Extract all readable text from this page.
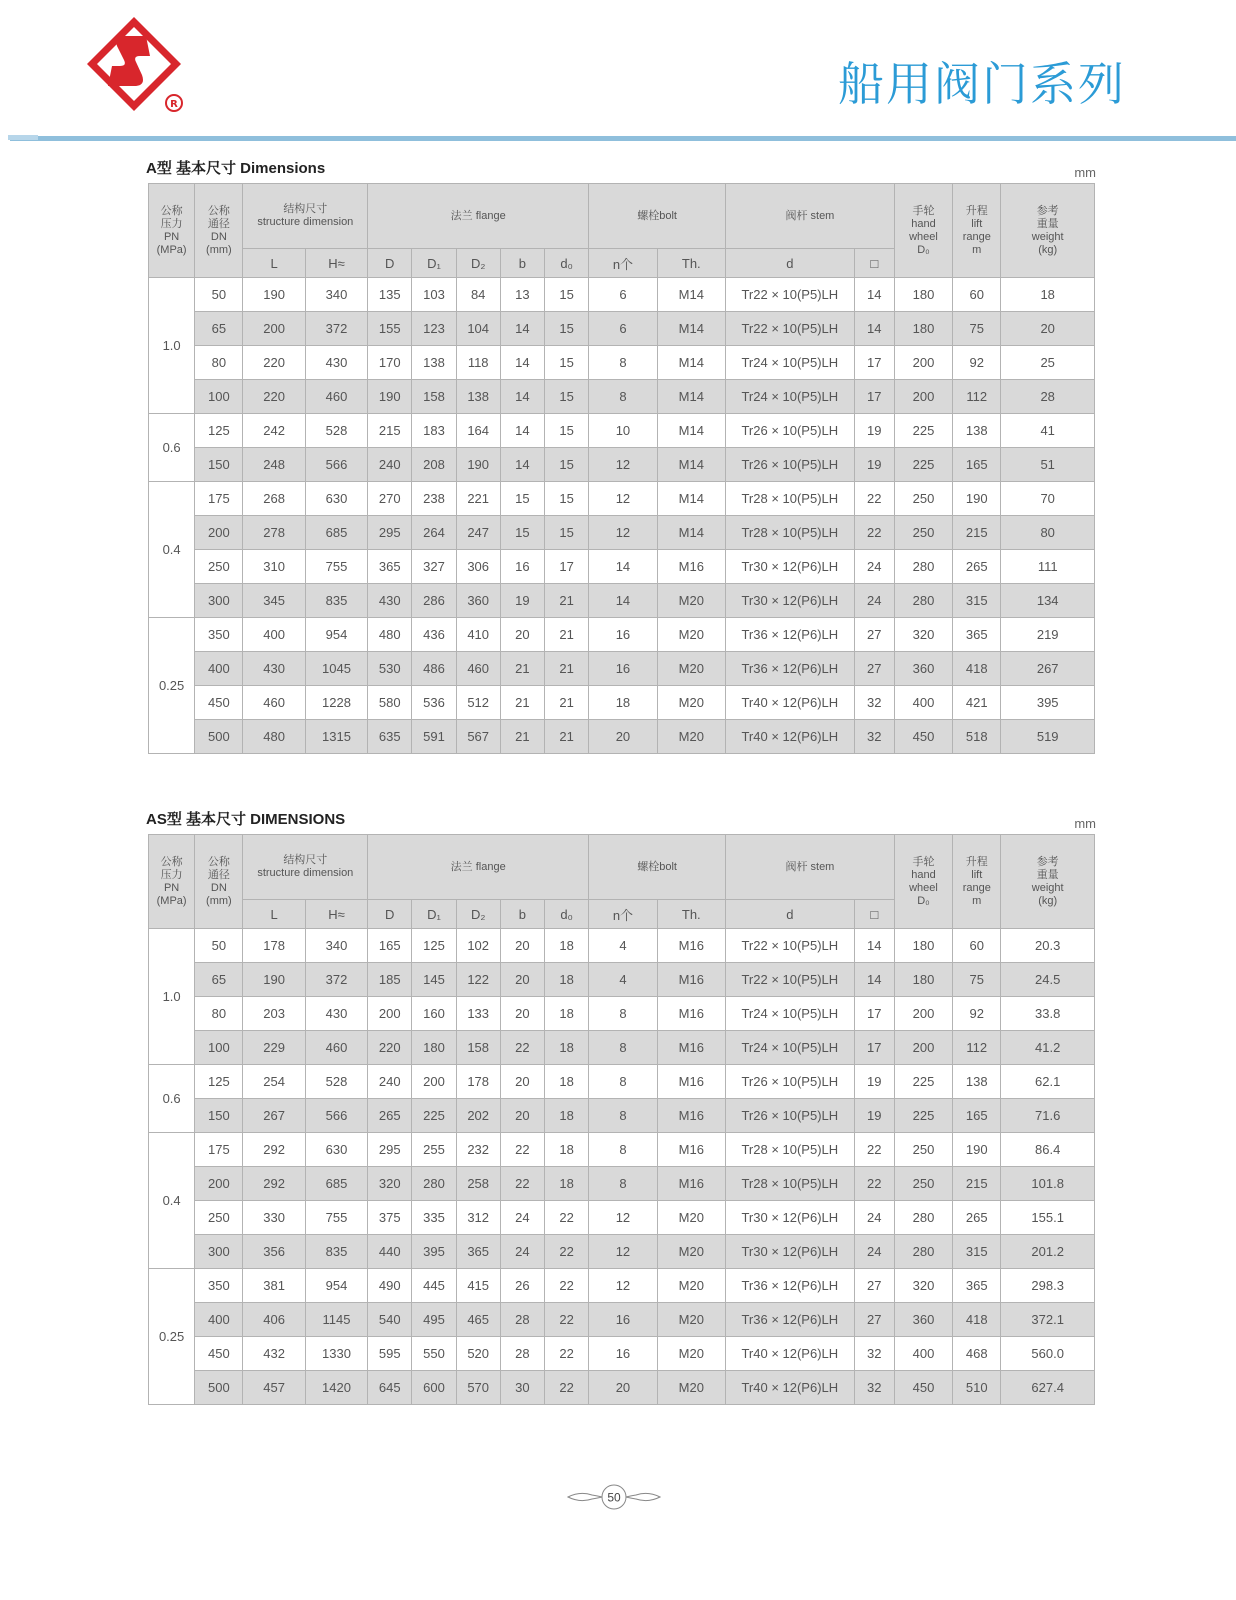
R	船用阀门系列
A型 基本尺寸 Dimensions	mm
公称
压力
PN
(MPa)	公称
通径
DN
(mm)	结构尺寸
structure dimension		法兰 flange					螺栓bolt		阀杆 stem		手轮
hand
wheel
D₀	升程
lift
range
m	参考
重量
weight
(kg)
		L	H≈	D	D₁	D₂	b	d₀	n个	Th.	d	□			
1.0	50	190	340	135	103	84	13	15	6	M14	Tr22 × 10(P5)LH	14	180	60	18
	65	200	372	155	123	104	14	15	6	M14	Tr22 × 10(P5)LH	14	180	75	20
	80	220	430	170	138	118	14	15	8	M14	Tr24 × 10(P5)LH	17	200	92	25
	100	220	460	190	158	138	14	15	8	M14	Tr24 × 10(P5)LH	17	200	112	28
0.6	125	242	528	215	183	164	14	15	10	M14	Tr26 × 10(P5)LH	19	225	138	41
	150	248	566	240	208	190	14	15	12	M14	Tr26 × 10(P5)LH	19	225	165	51
0.4	175	268	630	270	238	221	15	15	12	M14	Tr28 × 10(P5)LH	22	250	190	70
	200	278	685	295	264	247	15	15	12	M14	Tr28 × 10(P5)LH	22	250	215	80
	250	310	755	365	327	306	16	17	14	M16	Tr30 × 12(P6)LH	24	280	265	111
	300	345	835	430	286	360	19	21	14	M20	Tr30 × 12(P6)LH	24	280	315	134
0.25	350	400	954	480	436	410	20	21	16	M20	Tr36 × 12(P6)LH	27	320	365	219
	400	430	1045	530	486	460	21	21	16	M20	Tr36 × 12(P6)LH	27	360	418	267
	450	460	1228	580	536	512	21	21	18	M20	Tr40 × 12(P6)LH	32	400	421	395
	500	480	1315	635	591	567	21	21	20	M20	Tr40 × 12(P6)LH	32	450	518	519
AS型 基本尺寸 DIMENSIONS	mm
公称
压力
PN
(MPa)	公称
通径
DN
(mm)	结构尺寸
structure dimension		法兰 flange					螺栓bolt		阀杆 stem		手轮
hand
wheel
D₀	升程
lift
range
m	参考
重量
weight
(kg)
		L	H≈	D	D₁	D₂	b	d₀	n个	Th.	d	□			
1.0	50	178	340	165	125	102	20	18	4	M16	Tr22 × 10(P5)LH	14	180	60	20.3
	65	190	372	185	145	122	20	18	4	M16	Tr22 × 10(P5)LH	14	180	75	24.5
	80	203	430	200	160	133	20	18	8	M16	Tr24 × 10(P5)LH	17	200	92	33.8
	100	229	460	220	180	158	22	18	8	M16	Tr24 × 10(P5)LH	17	200	112	41.2
0.6	125	254	528	240	200	178	20	18	8	M16	Tr26 × 10(P5)LH	19	225	138	62.1
	150	267	566	265	225	202	20	18	8	M16	Tr26 × 10(P5)LH	19	225	165	71.6
0.4	175	292	630	295	255	232	22	18	8	M16	Tr28 × 10(P5)LH	22	250	190	86.4
	200	292	685	320	280	258	22	18	8	M16	Tr28 × 10(P5)LH	22	250	215	101.8
	250	330	755	375	335	312	24	22	12	M20	Tr30 × 12(P6)LH	24	280	265	155.1
	300	356	835	440	395	365	24	22	12	M20	Tr30 × 12(P6)LH	24	280	315	201.2
0.25	350	381	954	490	445	415	26	22	12	M20	Tr36 × 12(P6)LH	27	320	365	298.3
	400	406	1145	540	495	465	28	22	16	M20	Tr36 × 12(P6)LH	27	360	418	372.1
	450	432	1330	595	550	520	28	22	16	M20	Tr40 × 12(P6)LH	32	400	468	560.0
	500	457	1420	645	600	570	30	22	20	M20	Tr40 × 12(P6)LH	32	450	510	627.4
50
